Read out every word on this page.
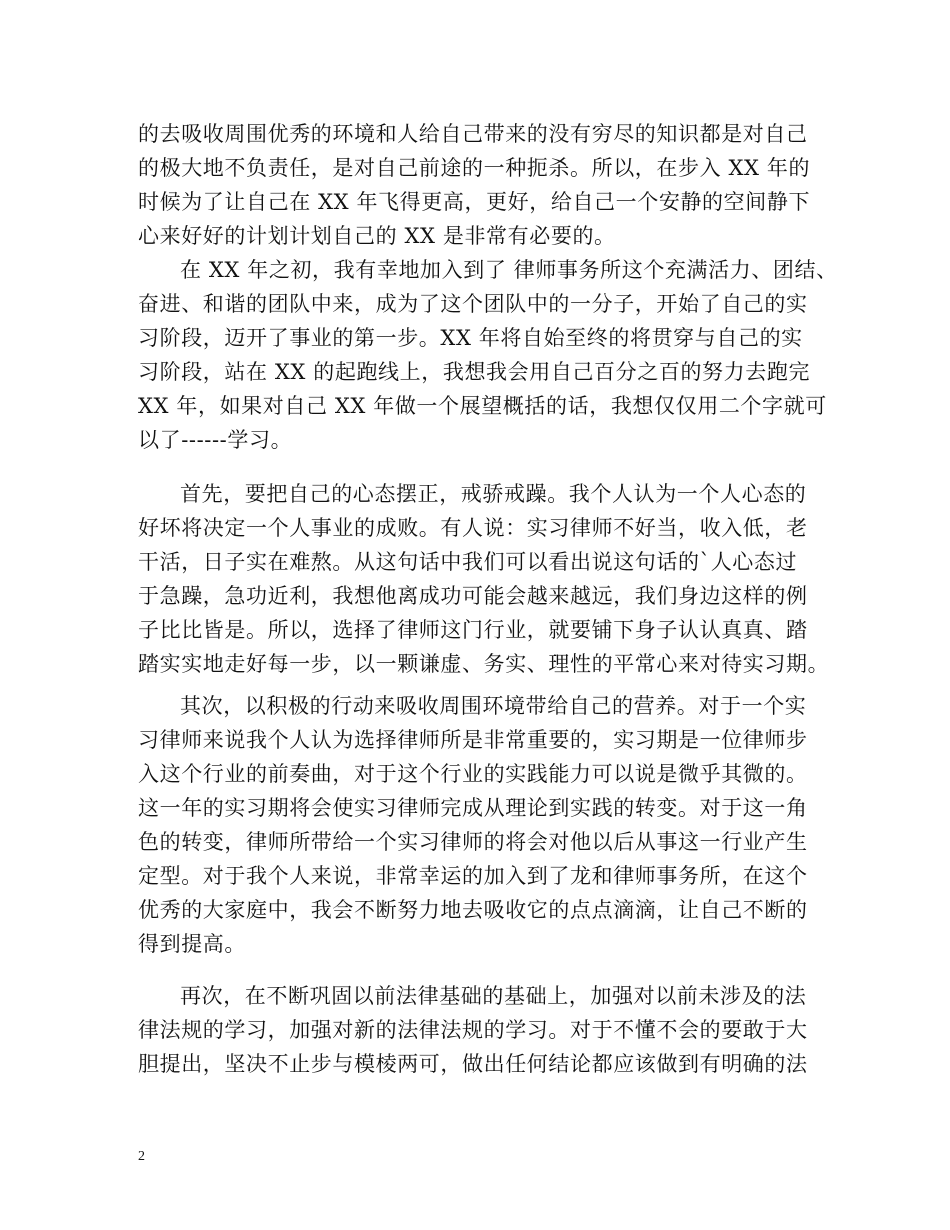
的去吸收周围优秀的环境和人给自己带来的没有穷尽的知识都是对自己
的极大地不负责任，是对自己前途的一种扼杀。所以，在步入 XX 年的
时候为了让自己在 XX 年飞得更高，更好，给自己一个安静的空间静下
心来好好的计划计划自己的 XX 是非常有必要的。
在 XX 年之初，我有幸地加入到了 律师事务所这个充满活力、团结、
奋进、和谐的团队中来，成为了这个团队中的一分子，开始了自己的实
习阶段，迈开了事业的第一步。XX 年将自始至终的将贯穿与自己的实
习阶段，站在 XX 的起跑线上，我想我会用自己百分之百的努力去跑完
XX 年，如果对自己 XX 年做一个展望概括的话，我想仅仅用二个字就可
以了------学习。
首先，要把自己的心态摆正，戒骄戒躁。我个人认为一个人心态的
好坏将决定一个人事业的成败。有人说：实习律师不好当，收入低，老
干活，日子实在难熬。从这句话中我们可以看出说这句话的`人心态过
于急躁，急功近利，我想他离成功可能会越来越远，我们身边这样的例
子比比皆是。所以，选择了律师这门行业，就要铺下身子认认真真、踏
踏实实地走好每一步，以一颗谦虚、务实、理性的平常心来对待实习期。
其次，以积极的行动来吸收周围环境带给自己的营养。对于一个实
习律师来说我个人认为选择律师所是非常重要的，实习期是一位律师步
入这个行业的前奏曲，对于这个行业的实践能力可以说是微乎其微的。
这一年的实习期将会使实习律师完成从理论到实践的转变。对于这一角
色的转变，律师所带给一个实习律师的将会对他以后从事这一行业产生
定型。对于我个人来说，非常幸运的加入到了龙和律师事务所，在这个
优秀的大家庭中，我会不断努力地去吸收它的点点滴滴，让自己不断的
得到提高。
再次，在不断巩固以前法律基础的基础上，加强对以前未涉及的法
律法规的学习，加强对新的法律法规的学习。对于不懂不会的要敢于大
胆提出，坚决不止步与模棱两可，做出任何结论都应该做到有明确的法
2
